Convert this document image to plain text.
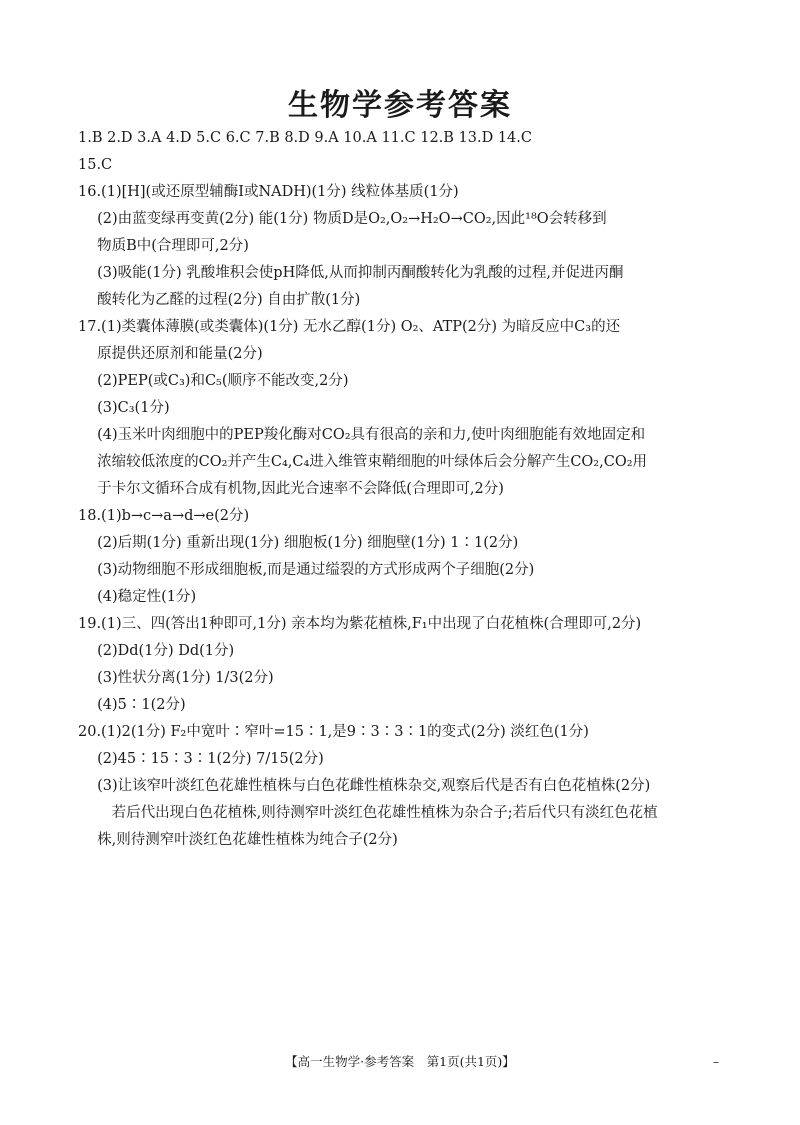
生物学参考答案
1.B 2.D 3.A 4.D 5.C 6.C 7.B 8.D 9.A 10.A 11.C 12.B 13.D 14.C
15.C
16.(1)[H](或还原型辅酶Ⅰ或NADH)(1分) 线粒体基质(1分)
　 (2)由蓝变绿再变黄(2分) 能(1分) 物质D是O₂,O₂→H₂O→CO₂,因此¹⁸O会转移到
　 物质B中(合理即可,2分)
　 (3)吸能(1分) 乳酸堆积会使pH降低,从而抑制丙酮酸转化为乳酸的过程,并促进丙酮
　 酸转化为乙醛的过程(2分) 自由扩散(1分)
17.(1)类囊体薄膜(或类囊体)(1分) 无水乙醇(1分) O₂、ATP(2分) 为暗反应中C₃的还
　 原提供还原剂和能量(2分)
　 (2)PEP(或C₃)和C₅(顺序不能改变,2分)
　 (3)C₃(1分)
　 (4)玉米叶肉细胞中的PEP羧化酶对CO₂具有很高的亲和力,使叶肉细胞能有效地固定和
　 浓缩较低浓度的CO₂并产生C₄,C₄进入维管束鞘细胞的叶绿体后会分解产生CO₂,CO₂用
　 于卡尔文循环合成有机物,因此光合速率不会降低(合理即可,2分)
18.(1)b→c→a→d→e(2分)
　 (2)后期(1分) 重新出现(1分) 细胞板(1分) 细胞壁(1分) 1∶1(2分)
　 (3)动物细胞不形成细胞板,而是通过缢裂的方式形成两个子细胞(2分)
　 (4)稳定性(1分)
19.(1)三、四(答出1种即可,1分) 亲本均为紫花植株,F₁中出现了白花植株(合理即可,2分)
　 (2)Dd(1分) Dd(1分)
　 (3)性状分离(1分) 1/3(2分)
　 (4)5∶1(2分)
20.(1)2(1分) F₂中宽叶∶窄叶=15∶1,是9∶3∶3∶1的变式(2分) 淡红色(1分)
　 (2)45∶15∶3∶1(2分) 7/15(2分)
　 (3)让该窄叶淡红色花雄性植株与白色花雌性植株杂交,观察后代是否有白色花植株(2分)
　 　若后代出现白色花植株,则待测窄叶淡红色花雄性植株为杂合子;若后代只有淡红色花植
　 株,则待测窄叶淡红色花雄性植株为纯合子(2分)
【高一生物学·参考答案　第1页(共1页)】	–
